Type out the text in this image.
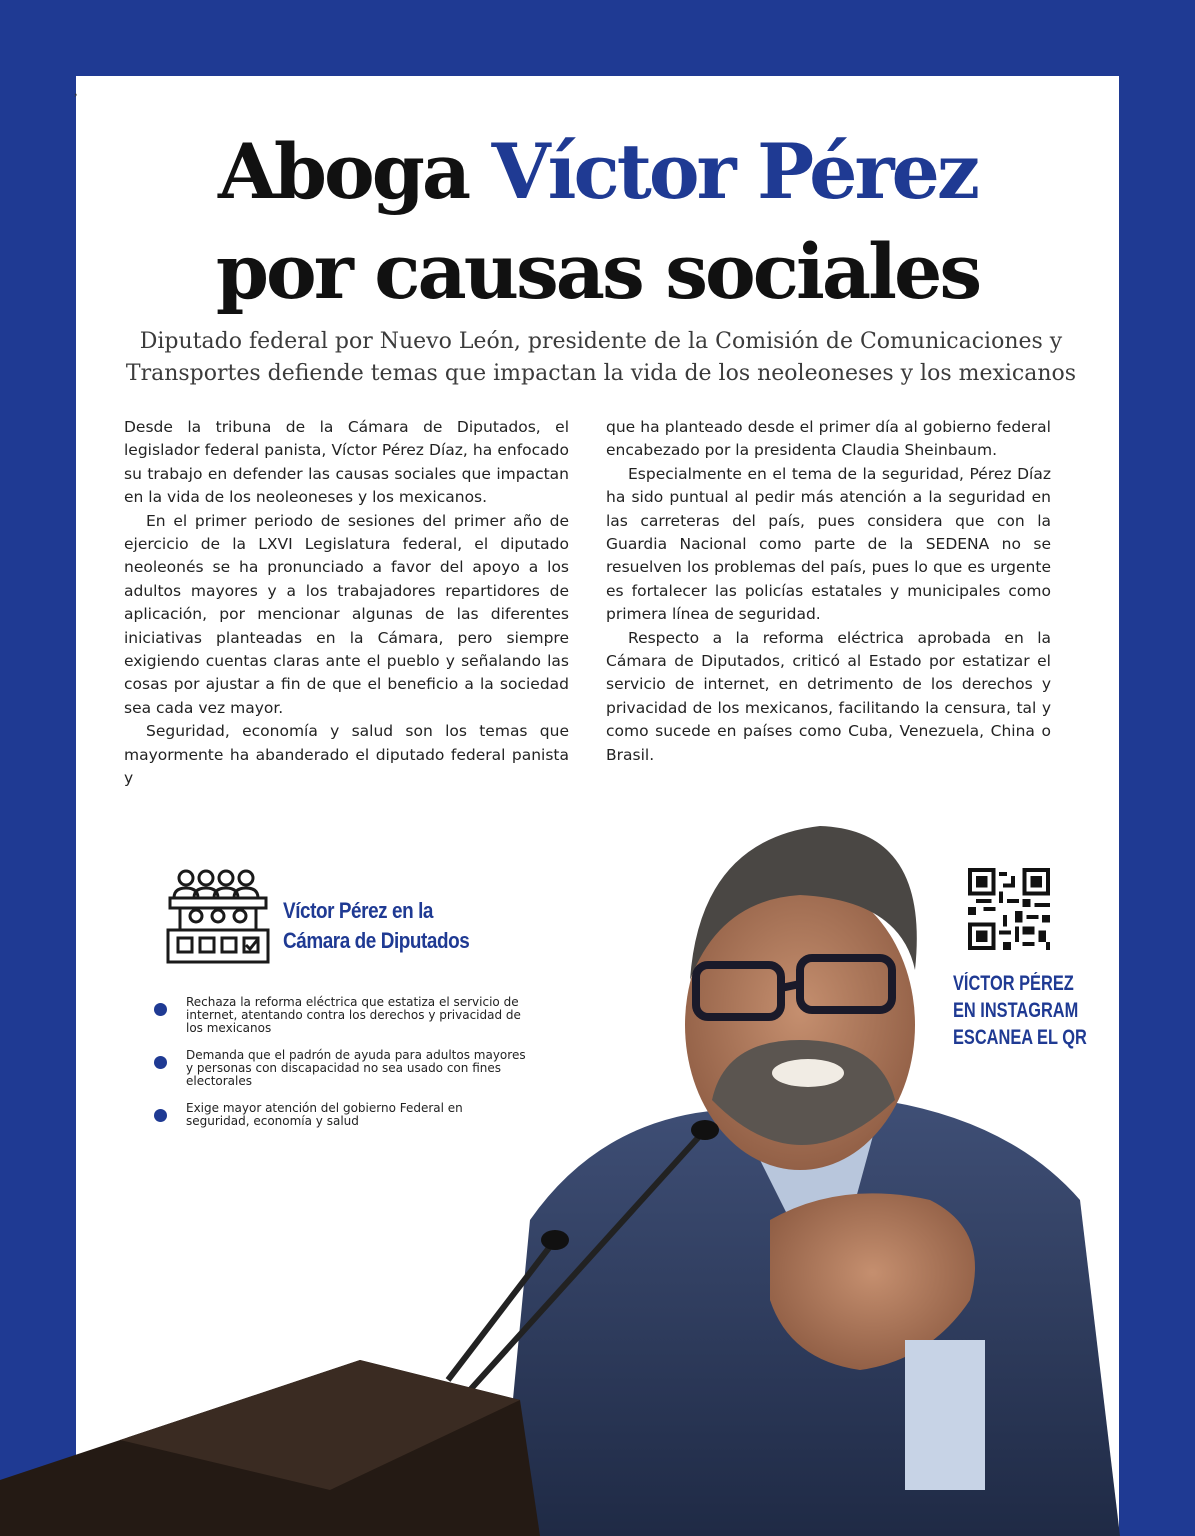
,
Aboga Víctor Pérez
por causas sociales

Diputado federal por Nuevo León, presidente de la Comisión de Comunicaciones y Transportes defiende temas que impactan la vida de los neoleoneses y los mexicanos

Desde la tribuna de la Cámara de Diputados, el legislador federal panista, Víctor Pérez Díaz, ha enfocado su trabajo en defender las causas sociales que impactan en la vida de los neoleoneses y los mexicanos.

En el primer periodo de sesiones del primer año de ejercicio de la LXVI Legislatura federal, el diputado neoleonés se ha pronunciado a favor del apoyo a los adultos mayores y a los trabajadores repartidores de aplicación, por mencionar algunas de las diferentes iniciativas planteadas en la Cámara, pero siempre exigiendo cuentas claras ante el pueblo y señalando las cosas por ajustar a fin de que el beneficio a la sociedad sea cada vez mayor.

Seguridad, economía y salud son los temas que mayormente ha abanderado el diputado federal panista y

que ha planteado desde el primer día al gobierno federal encabezado por la presidenta Claudia Sheinbaum.

Especialmente en el tema de la seguridad, Pérez Díaz ha sido puntual al pedir más atención a la seguridad en las carreteras del país, pues considera que con la Guardia Nacional como parte de la SEDENA no se resuelven los problemas del país, pues lo que es urgente es fortalecer las policías estatales y municipales como primera línea de seguridad.

Respecto a la reforma eléctrica aprobada en la Cámara de Diputados, criticó al Estado por estatizar el servicio de internet, en detrimento de los derechos y privacidad de los mexicanos, facilitando la censura, tal y como sucede en países como Cuba, Venezuela, China o Brasil.

Víctor Pérez en la
Cámara de Diputados
Rechaza la reforma eléctrica que estatiza el servicio de internet, atentando contra los derechos y privacidad de los mexicanos
Demanda que el padrón de ayuda para adultos mayores y personas con discapacidad no sea usado con fines electorales
Exige mayor atención del gobierno Federal en seguridad, economía y salud
VÍCTOR PÉREZ
EN INSTAGRAM
ESCANEA EL QR
